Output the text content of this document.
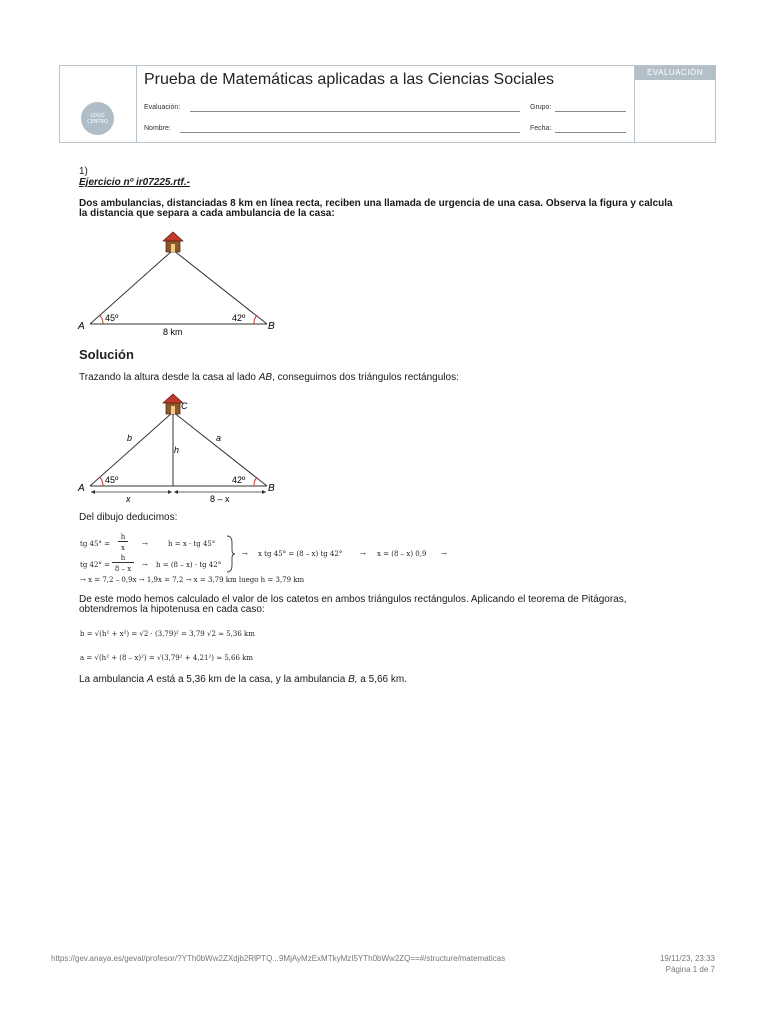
LOGO
CENTRO
Prueba de Matemáticas aplicadas a las Ciencias Sociales
Evaluación:	Grupo:
Nombre:	Fecha:
EVALUACIÓN
1)
Ejercicio nº ir07225.rtf.-
Dos ambulancias, distanciadas 8 km en línea recta, reciben una llamada de urgencia de una casa. Observa la figura y calcula
la distancia que separa a cada ambulancia de la casa:
45º	42º
A	B
8 km
Solución
Trazando la altura desde la casa al lado AB, conseguimos dos triángulos rectángulos:
C
b	a
h
45º	42º
A	B
x	8 – x
Del dibujo deducimos:
tg 45° =
h
x	→	h = x · tg 45°
tg 42° =
h
8 – x	→ h = (8 – x) · tg 42°
→ x tg 45° = (8 – x) tg 42°	→ x = (8 – x) 0,9 →
→ x = 7,2 – 0,9x → 1,9x = 7,2 → x = 3,79 km luego h = 3,79 km
De este modo hemos calculado el valor de los catetos en ambos triángulos rectángulos. Aplicando el teorema de Pitágoras,
obtendremos la hipotenusa en cada caso:
b = √(h² + x²) = √2 · (3,79)² = 3,79 √2 ≈ 5,36 km
a = √(h² + (8 – x)²) = √(3,79² + 4,21²) ≈ 5,66 km
La ambulancia A está a 5,36 km de la casa, y la ambulancia B, a 5,66 km.
https://gev.anaya.es/geval/profesor/?YTh0bWw2ZXdjb2RlPTQ...9MjAyMzExMTkyMzI5YTh0bWw2ZQ==#/structure/matematicas	19/11/23, 23:33
Página 1 de 7
